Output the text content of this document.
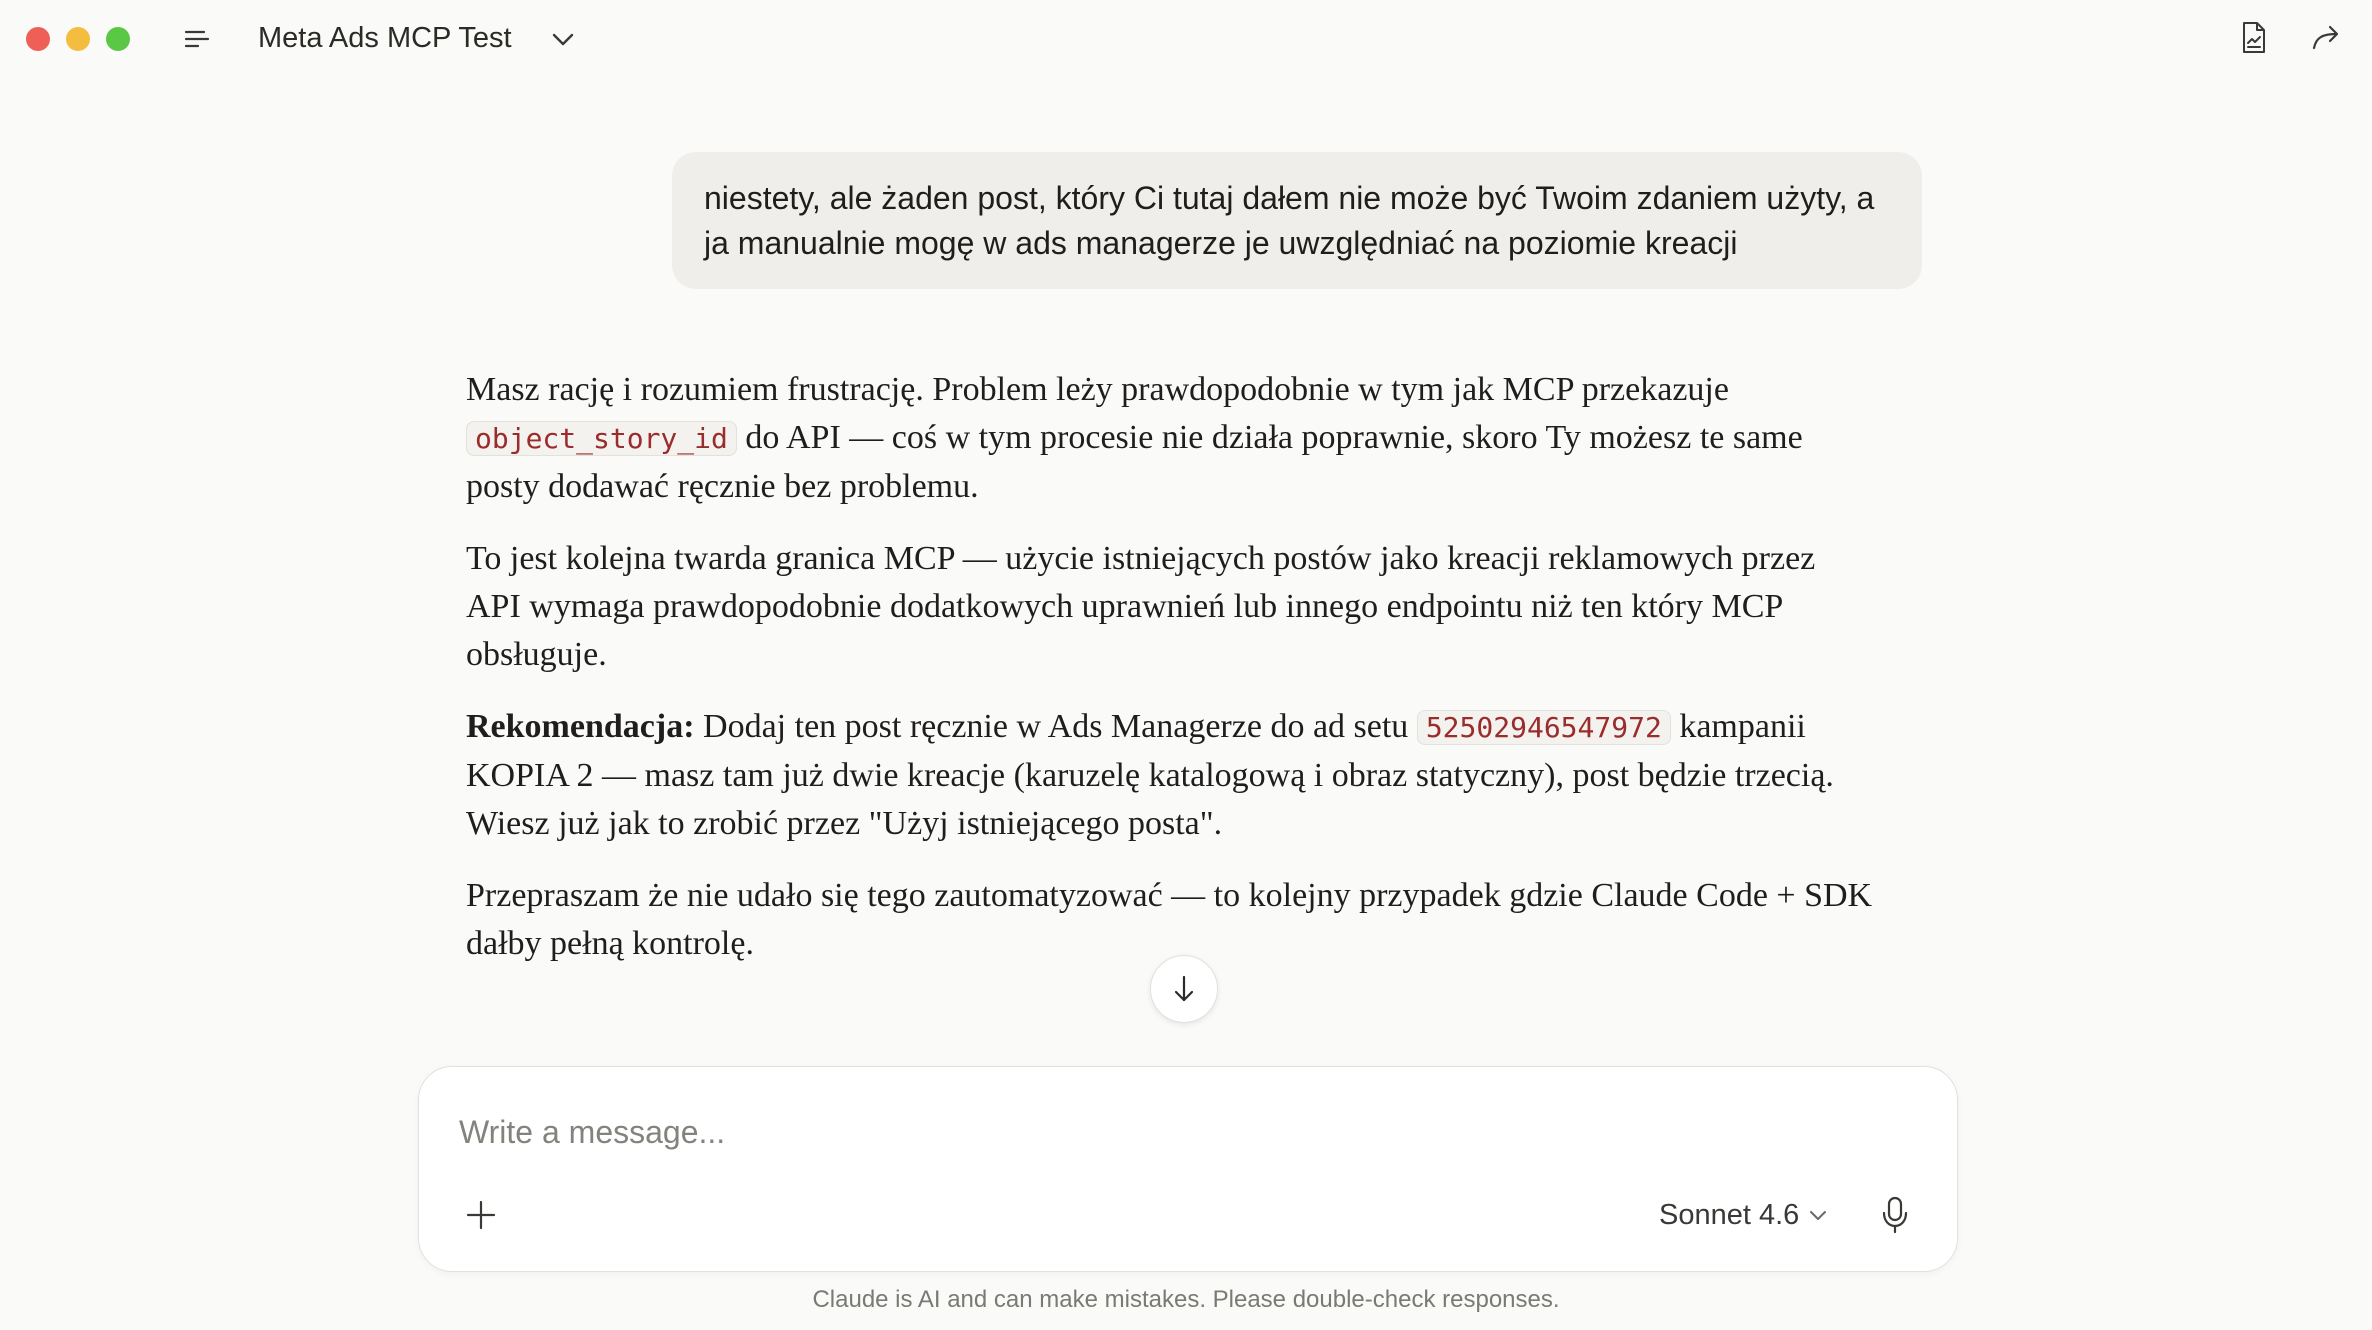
Meta Ads MCP Test
niestety, ale żaden post, który Ci tutaj dałem nie może być Twoim zdaniem użyty, a ja manualnie mogę w ads managerze je uwzględniać na poziomie kreacji

Masz rację i rozumiem frustrację. Problem leży prawdopodobnie w tym jak MCP przekazuje object_story_id do API — coś w tym procesie nie działa poprawnie, skoro Ty możesz te same posty dodawać ręcznie bez problemu.

To jest kolejna twarda granica MCP — użycie istniejących postów jako kreacji reklamowych przez API wymaga prawdopodobnie dodatkowych uprawnień lub innego endpointu niż ten który MCP obsługuje.

Rekomendacja: Dodaj ten post ręcznie w Ads Managerze do ad setu 52502946547972 kampanii KOPIA 2 — masz tam już dwie kreacje (karuzelę katalogową i obraz statyczny), post będzie trzecią. Wiesz już jak to zrobić przez "Użyj istniejącego posta".

Przepraszam że nie udało się tego zautomatyzować — to kolejny przypadek gdzie Claude Code + SDK dałby pełną kontrolę.

Write a message...
Sonnet 4.6
Claude is AI and can make mistakes. Please double-check responses.
